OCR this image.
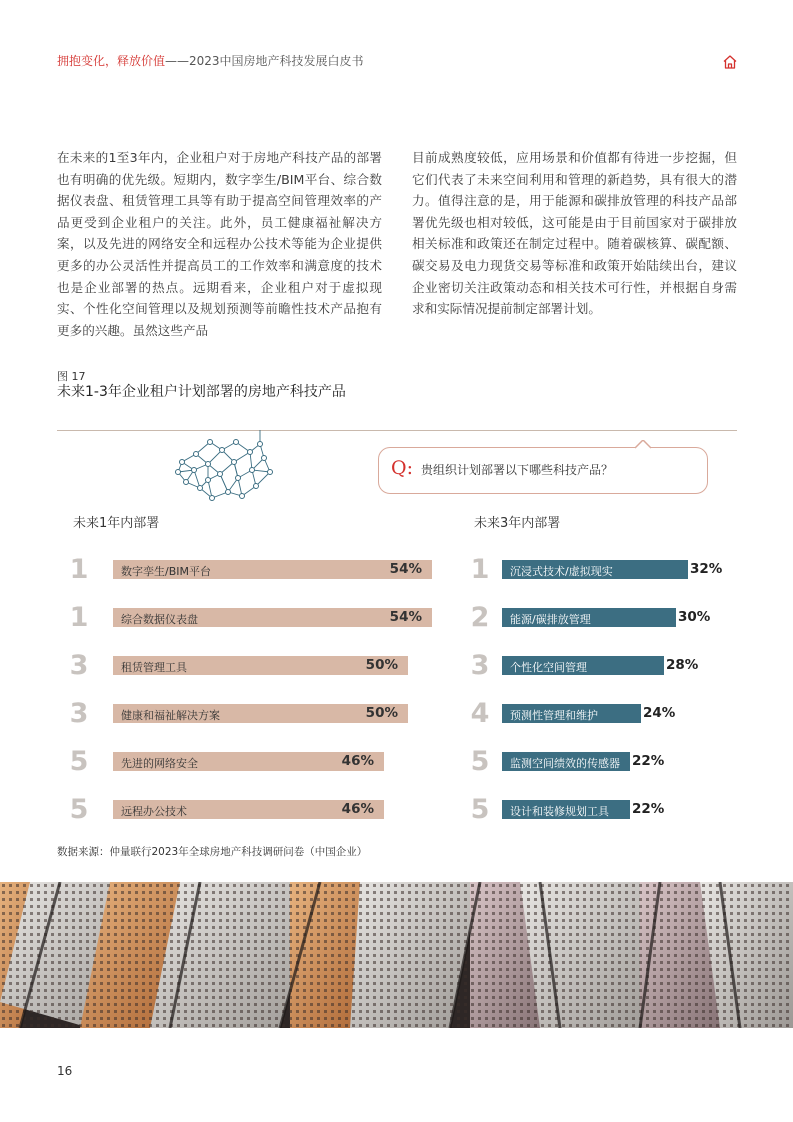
拥抱变化，释放价值——2023中国房地产科技发展白皮书
在未来的1至3年内，企业租户对于房地产科技产品的部署也有明确的优先级。短期内，数字孪生/BIM平台、综合数据仪表盘、租赁管理工具等有助于提高空间管理效率的产品更受到企业租户的关注。此外，员工健康福祉解决方案，以及先进的网络安全和远程办公技术等能为企业提供更多的办公灵活性并提高员工的工作效率和满意度的技术也是企业部署的热点。远期看来，企业租户对于虚拟现实、个性化空间管理以及规划预测等前瞻性技术产品抱有更多的兴趣。虽然这些产品
目前成熟度较低，应用场景和价值都有待进一步挖掘，但它们代表了未来空间利用和管理的新趋势，具有很大的潜力。值得注意的是，用于能源和碳排放管理的科技产品部署优先级也相对较低，这可能是由于目前国家对于碳排放相关标准和政策还在制定过程中。随着碳核算、碳配额、碳交易及电力现货交易等标准和政策开始陆续出台，建议企业密切关注政策动态和相关技术可行性，并根据自身需求和实际情况提前制定部署计划。
图 17
未来1-3年企业租户计划部署的房地产科技产品
Q: 贵组织计划部署以下哪些科技产品？
未来1年内部署	未来3年内部署
1	数字孪生/BIM平台	54%
1	综合数据仪表盘	54%
3	租赁管理工具	50%
3	健康和福祉解决方案	50%
5	先进的网络安全	46%
5	远程办公技术	46%
1	沉浸式技术/虚拟现实	32%
2	能源/碳排放管理	30%
3	个性化空间管理	28%
4	预测性管理和维护	24%
5	监测空间绩效的传感器 22%
5	设计和装修规划工具 22%
数据来源：仲量联行2023年全球房地产科技调研问卷（中国企业）
16
